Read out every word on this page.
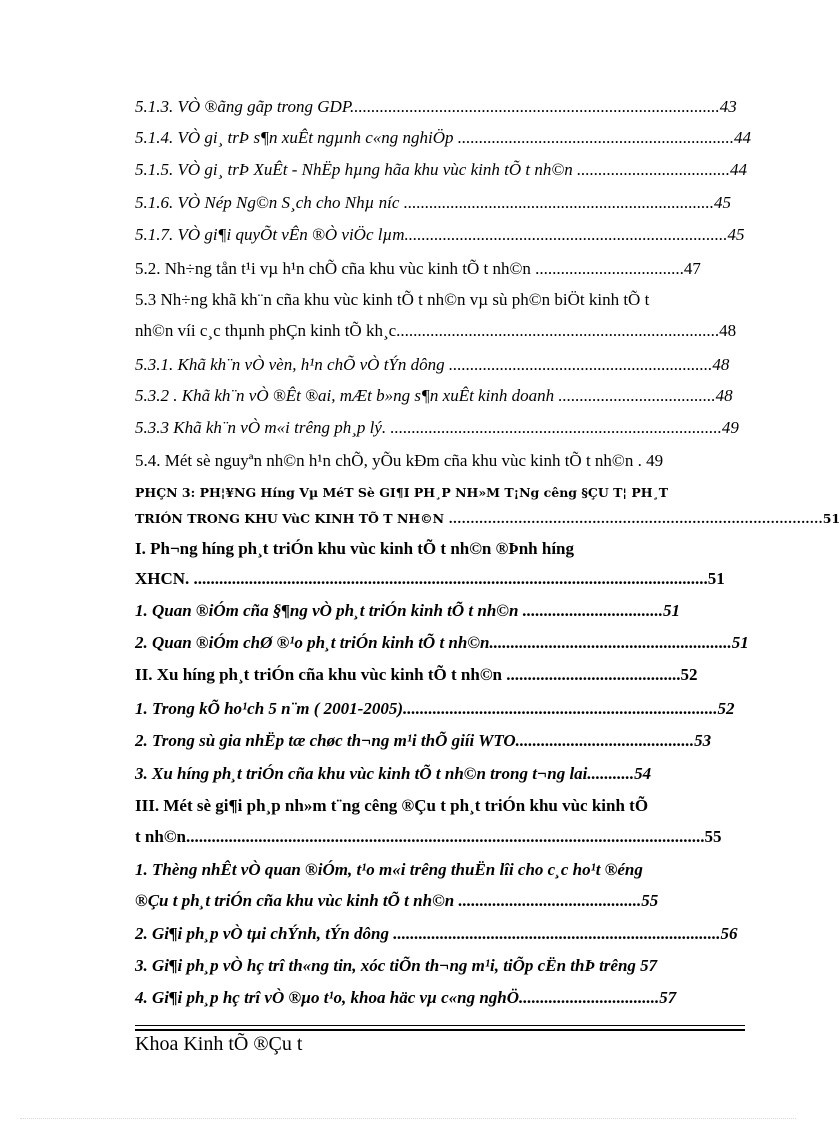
5.1.3. VÒ ®ãng gãp trong GDP.......................................................................................43
5.1.4. VÒ gi¸ trÞ s¶n xuÊt ngµnh c«ng nghiÖp .................................................................44
5.1.5. VÒ gi¸ trÞ XuÊt - NhËp hµng hãa khu vùc kinh tÕ t nh©n ....................................44
5.1.6. VÒ Nép Ng©n S¸ch cho Nhµ níc .........................................................................45
5.1.7. VÒ gi¶i quyÕt vÊn ®Ò viÖc lµm............................................................................45
5.2. Nh÷ng tån t¹i vµ h¹n chÕ cña khu vùc kinh tÕ t nh©n ...................................47
5.3 Nh÷ng khã kh¨n cña khu vùc kinh tÕ t nh©n vµ sù ph©n biÖt kinh tÕ t
nh©n víi c¸c thµnh phÇn kinh tÕ kh¸c............................................................................48
5.3.1. Khã kh¨n vÒ vèn, h¹n chÕ vÒ tÝn dông ..............................................................48
5.3.2 . Khã kh¨n vÒ ®Êt ®ai, mÆt b»ng s¶n xuÊt kinh doanh .....................................48
5.3.3 Khã kh¨n vÒ m«i trêng ph¸p lý. ..............................................................................49
5.4. Mét sè nguyªn nh©n h¹n chÕ, yÕu kÐm cña khu vùc kinh tÕ t nh©n . 49
PHÇN 3: PH¦¥NG Híng Vµ MéT Sè GI¶I PH¸P NH»M T¡Ng cêng §ÇU T¦ PH¸T
TRIÓN TRONG KHU VùC KINH TÕ T NH©N ......................................................................................51
I. Ph¬ng híng ph¸t triÓn khu vùc kinh tÕ t nh©n ®Þnh híng
XHCN. .........................................................................................................................51
1. Quan ®iÓm cña §¶ng vÒ ph¸t triÓn kinh tÕ t nh©n .................................51
2. Quan ®iÓm chØ ®¹o ph¸t triÓn kinh tÕ t nh©n.........................................................51
II. Xu híng ph¸t triÓn cña khu vùc kinh tÕ t nh©n .........................................52
1. Trong kÕ ho¹ch 5 n¨m ( 2001-2005)..........................................................................52
2. Trong sù gia nhËp tæ chøc th¬ng m¹i thÕ giíi WTO..........................................53
3. Xu híng ph¸t triÓn cña khu vùc kinh tÕ t nh©n trong t¬ng lai...........54
III. Mét sè gi¶i ph¸p nh»m t¨ng cêng ®Çu t ph¸t triÓn khu vùc kinh tÕ
t nh©n..........................................................................................................................55
1. Thèng nhÊt vÒ quan ®iÓm, t¹o m«i trêng thuËn lîi cho c¸c ho¹t ®éng
®Çu t ph¸t triÓn cña khu vùc kinh tÕ t nh©n ...........................................55
2. Gi¶i ph¸p vÒ tµi chÝnh, tÝn dông .............................................................................56
3. Gi¶i ph¸p vÒ hç trî th«ng tin, xóc tiÕn th¬ng m¹i, tiÕp cËn thÞ trêng 57
4. Gi¶i ph¸p hç trî vÒ ®µo t¹o, khoa häc vµ c«ng nghÖ.................................57
Khoa Kinh tÕ ®Çu t
